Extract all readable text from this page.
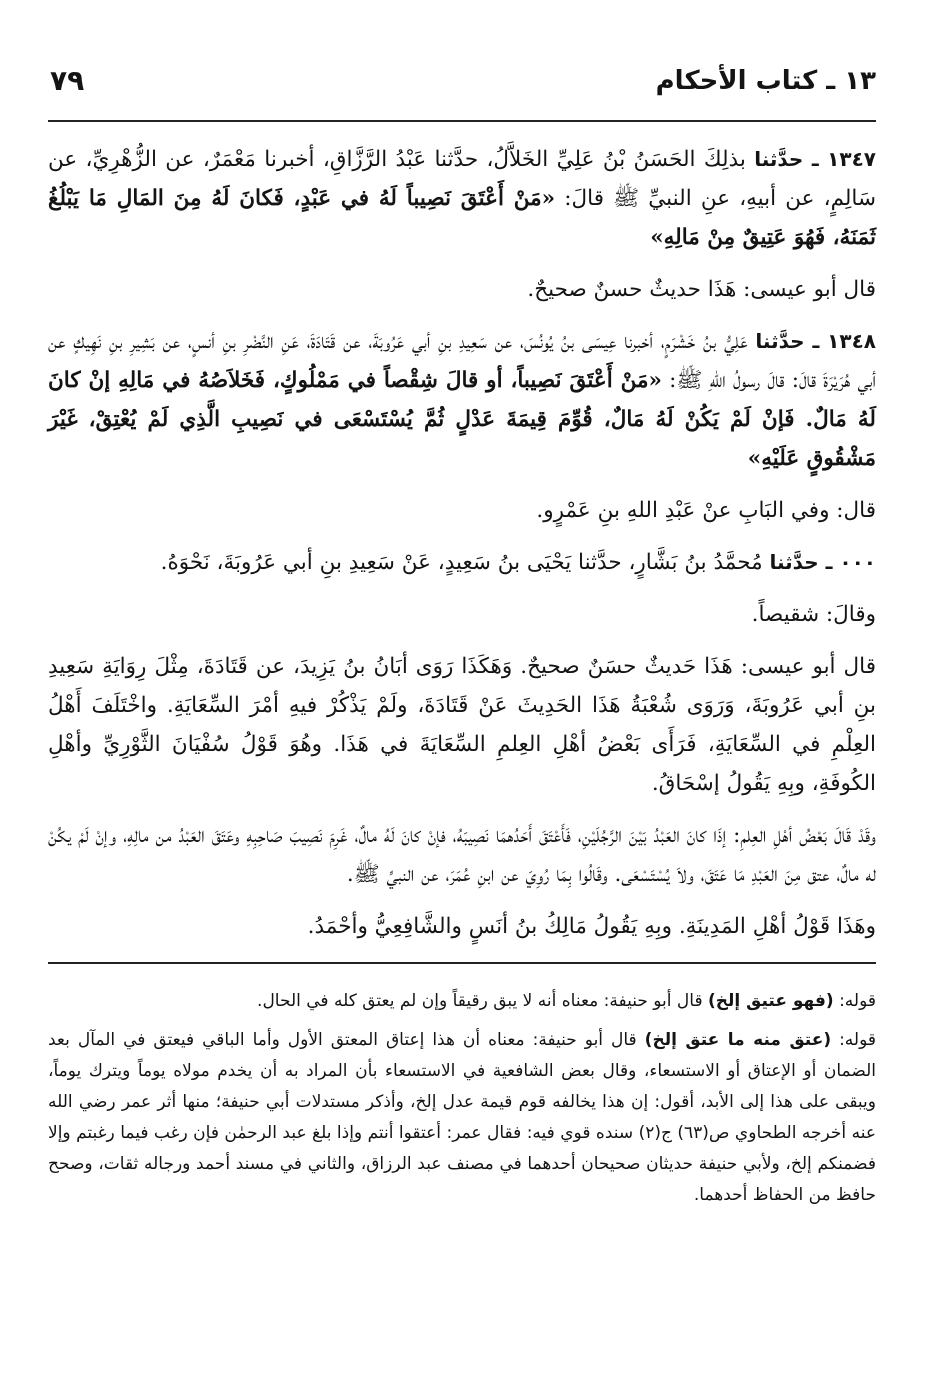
١٣ ـ كتاب الأحكام
٧٩

١٣٤٧ ـ حدَّثنا بذلِكَ الحَسَنُ بْنُ عَلِيِّ الخَلاَّلُ، حدَّثنا عَبْدُ الرَّزَّاقِ، أخبرنا مَعْمَرٌ، عن الزُّهْرِيِّ، عن سَالِمٍ، عن أبيهِ، عنِ النبيِّ ﷺ قالَ: «مَنْ أَعْتَقَ نَصِيباً لَهُ في عَبْدٍ، فَكانَ لَهُ مِنَ المَالِ مَا يَبْلُغُ ثَمَنَهُ، فَهُوَ عَتِيقٌ مِنْ مَالِهِ»

قال أبو عيسى: هَذَا حديثٌ حسنٌ صحيحٌ.

١٣٤٨ ـ حدَّثنا عَلِيُّ بنُ خَشْرَمٍ، أخبرنا عِيسَى بنُ يُونُسَ، عن سَعِيدِ بنِ أبي عَرُوبَةَ، عن قَتَادَةَ، عَنِ النَّضْرِ بنِ أنسٍ، عن بَشِيرِ بنِ نَهِيكٍ عن أبي هُرَيْرَةَ قالَ: قالَ رسولُ اللهِ ﷺ: «مَنْ أَعْتَقَ نَصِيباً، أو قالَ شِقْصاً في مَمْلُوكٍ، فَخَلاَصُهُ في مَالِهِ إنْ كانَ لَهُ مَالٌ. فَإنْ لَمْ يَكُنْ لَهُ مَالٌ، قُوِّمَ قِيمَةَ عَدْلٍ ثُمَّ يُسْتَسْعَى في نَصِيبِ الَّذِي لَمْ يُعْتِقْ، غَيْرَ مَشْقُوقٍ عَلَيْهِ»

قال: وفي البَابِ عنْ عَبْدِ اللهِ بنِ عَمْرٍو.

٠٠٠ ـ حدَّثنا مُحمَّدُ بنُ بَشَّارٍ، حدَّثنا يَحْيَى بنُ سَعِيدٍ، عَنْ سَعِيدِ بنِ أبي عَرُوبَةَ، نَحْوَهُ.

وقالَ: شقيصاً.

قال أبو عيسى: هَذَا حَديثٌ حسَنٌ صحيحٌ. وَهَكَذَا رَوَى أبَانُ بنُ يَزِيدَ، عن قَتَادَةَ، مِثْلَ رِوَايَةِ سَعِيدِ بنِ أبي عَرُوبَةَ، وَرَوَى شُعْبَةُ هَذَا الحَدِيثَ عَنْ قَتَادَةَ، ولَمْ يَذْكُرْ فيهِ أمْرَ السِّعَايَةِ. واخْتَلَفَ أَهْلُ العِلْمِ في السِّعَايَةِ، فَرَأَى بَعْضُ أهْلِ العِلمِ السِّعَايَةَ في هَذَا. وهُوَ قَوْلُ سُفْيَانَ الثَّوْرِيِّ وأهْلِ الكُوفَةِ، وبِهِ يَقُولُ إسْحَاقُ.

وقَدْ قَالَ بَعْضُ أهْلِ العِلمِ: إذَا كانَ العَبْدُ بَيْنَ الرَّجُلَيْنِ، فَأَعْتَقَ أَحَدُهمَا نَصِيبَهُ، فإنْ كانَ لَهُ مالٌ، غَرِمَ نَصِيبَ صَاحِبِهِ وعَتَقَ العَبْدُ من مالِهِ، وإنْ لَمْ يكُنْ له مالٌ، عتق مِنَ العَبْدِ مَا عَتَقَ، ولاَ يُسْتَسْعَى. وقَالُوا بِمَا رُوِيَ عن ابنِ عُمَرَ، عن النبيِّ ﷺ.

وهَذَا قَوْلُ أهْلِ المَدِينَةِ. وبِهِ يَقُولُ مَالِكُ بنُ أنَسٍ والشَّافِعِيُّ وأحْمَدُ.

قوله: (فهو عتيق إلخ) قال أبو حنيفة: معناه أنه لا يبق رقيقاً وإن لم يعتق كله في الحال.

قوله: (عتق منه ما عتق إلخ) قال أبو حنيفة: معناه أن هذا إعتاق المعتق الأول وأما الباقي فيعتق في المآل بعد الضمان أو الإعتاق أو الاستسعاء، وقال بعض الشافعية في الاستسعاء بأن المراد به أن يخدم مولاه يوماً ويترك يوماً، ويبقى على هذا إلى الأبد، أقول: إن هذا يخالفه قوم قيمة عدل إلخ، وأذكر مستدلات أبي حنيفة؛ منها أثر عمر رضي الله عنه أخرجه الطحاوي ص(٦٣) ج(٢) سنده قوي فيه: فقال عمر: أعتقوا أنتم وإذا بلغ عبد الرحمٰن فإن رغب فيما رغبتم وإلا فضمنكم إلخ، ولأبي حنيفة حديثان صحيحان أحدهما في مصنف عبد الرزاق، والثاني في مسند أحمد ورجاله ثقات، وصحح حافظ من الحفاظ أحدهما.
